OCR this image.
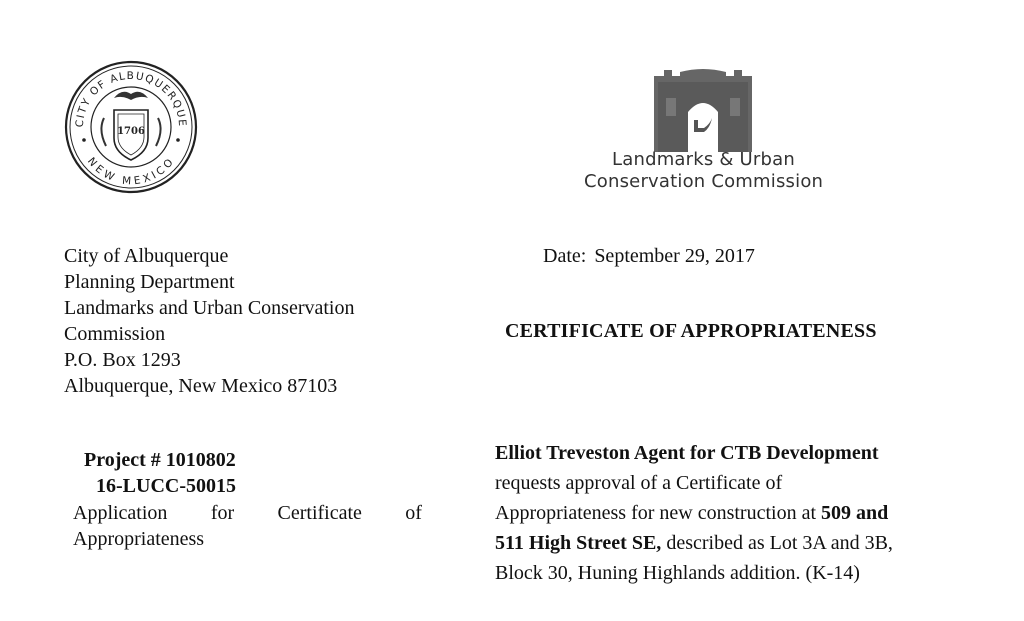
CITY OF ALBUQUERQUE
NEW MEXICO
1706
Landmarks & Urban
Conservation Commission
City of Albuquerque
Planning Department
Landmarks and Urban Conservation
Commission
P.O. Box 1293
Albuquerque, New Mexico 87103
Date: September 29, 2017
CERTIFICATE OF APPROPRIATENESS
Project # 1010802
16-LUCC-50015
Application for Certificate of
Appropriateness
Elliot Treveston Agent for CTB Development
requests approval of a Certificate of
Appropriateness for new construction at 509 and
511 High Street SE, described as Lot 3A and 3B,
Block 30, Huning Highlands addition. (K-14)
